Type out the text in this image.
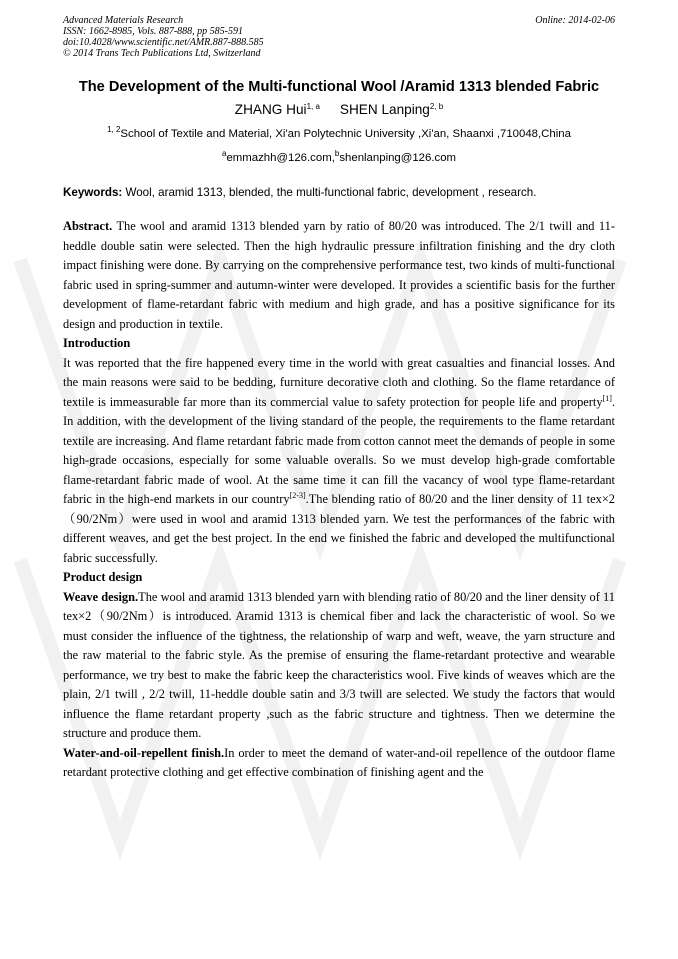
Advanced Materials Research
ISSN: 1662-8985, Vols. 887-888, pp 585-591
doi:10.4028/www.scientific.net/AMR.887-888.585
© 2014 Trans Tech Publications Ltd, Switzerland
Online: 2014-02-06
The Development of the Multi-functional Wool /Aramid 1313 blended Fabric
ZHANG Hui$^{1, a}$ SHEN Lanping$^{2, b}$
$^{1, 2}$School of Textile and Material, Xi'an Polytechnic University ,Xi'an, Shaanxi ,710048,China
$^a$emmazhh@126.com,$^b$shenlanping@126.com
Keywords: Wool, aramid 1313, blended, the multi-functional fabric, development , research.

Abstract. The wool and aramid 1313 blended yarn by ratio of 80/20 was introduced. The 2/1 twill and 11-heddle double satin were selected. Then the high hydraulic pressure infiltration finishing and the dry cloth impact finishing were done. By carrying on the comprehensive performance test, two kinds of multi-functional fabric used in spring-summer and autumn-winter were developed. It provides a scientific basis for the further development of flame-retardant fabric with medium and high grade, and has a positive significance for its design and production in textile.

Introduction

It was reported that the fire happened every time in the world with great casualties and financial losses. And the main reasons were said to be bedding, furniture decorative cloth and clothing. So the flame retardance of textile is immeasurable far more than its commercial value to safety protection for people life and property[1]. In addition, with the development of the living standard of the people, the requirements to the flame retardant textile are increasing. And flame retardant fabric made from cotton cannot meet the demands of people in some high-grade occasions, especially for some valuable overalls. So we must develop high-grade comfortable flame-retardant fabric made of wool. At the same time it can fill the vacancy of wool type flame-retardant fabric in the high-end markets in our country[2-3].The blending ratio of 80/20 and the liner density of 11 tex×2（90/2Nm）were used in wool and aramid 1313 blended yarn. We test the performances of the fabric with different weaves, and get the best project. In the end we finished the fabric and developed the multifunctional fabric successfully.

Product design

Weave design.The wool and aramid 1313 blended yarn with blending ratio of 80/20 and the liner density of 11 tex×2（90/2Nm）is introduced. Aramid 1313 is chemical fiber and lack the characteristic of wool. So we must consider the influence of the tightness, the relationship of warp and weft, weave, the yarn structure and the raw material to the fabric style. As the premise of ensuring the flame-retardant protective and wearable performance, we try best to make the fabric keep the characteristics wool. Five kinds of weaves which are the plain, 2/1 twill , 2/2 twill, 11-heddle double satin and 3/3 twill are selected. We study the factors that would influence the flame retardant property ,such as the fabric structure and tightness. Then we determine the structure and produce them.

Water-and-oil-repellent finish.In order to meet the demand of water-and-oil repellence of the outdoor flame retardant protective clothing and get effective combination of finishing agent and the
